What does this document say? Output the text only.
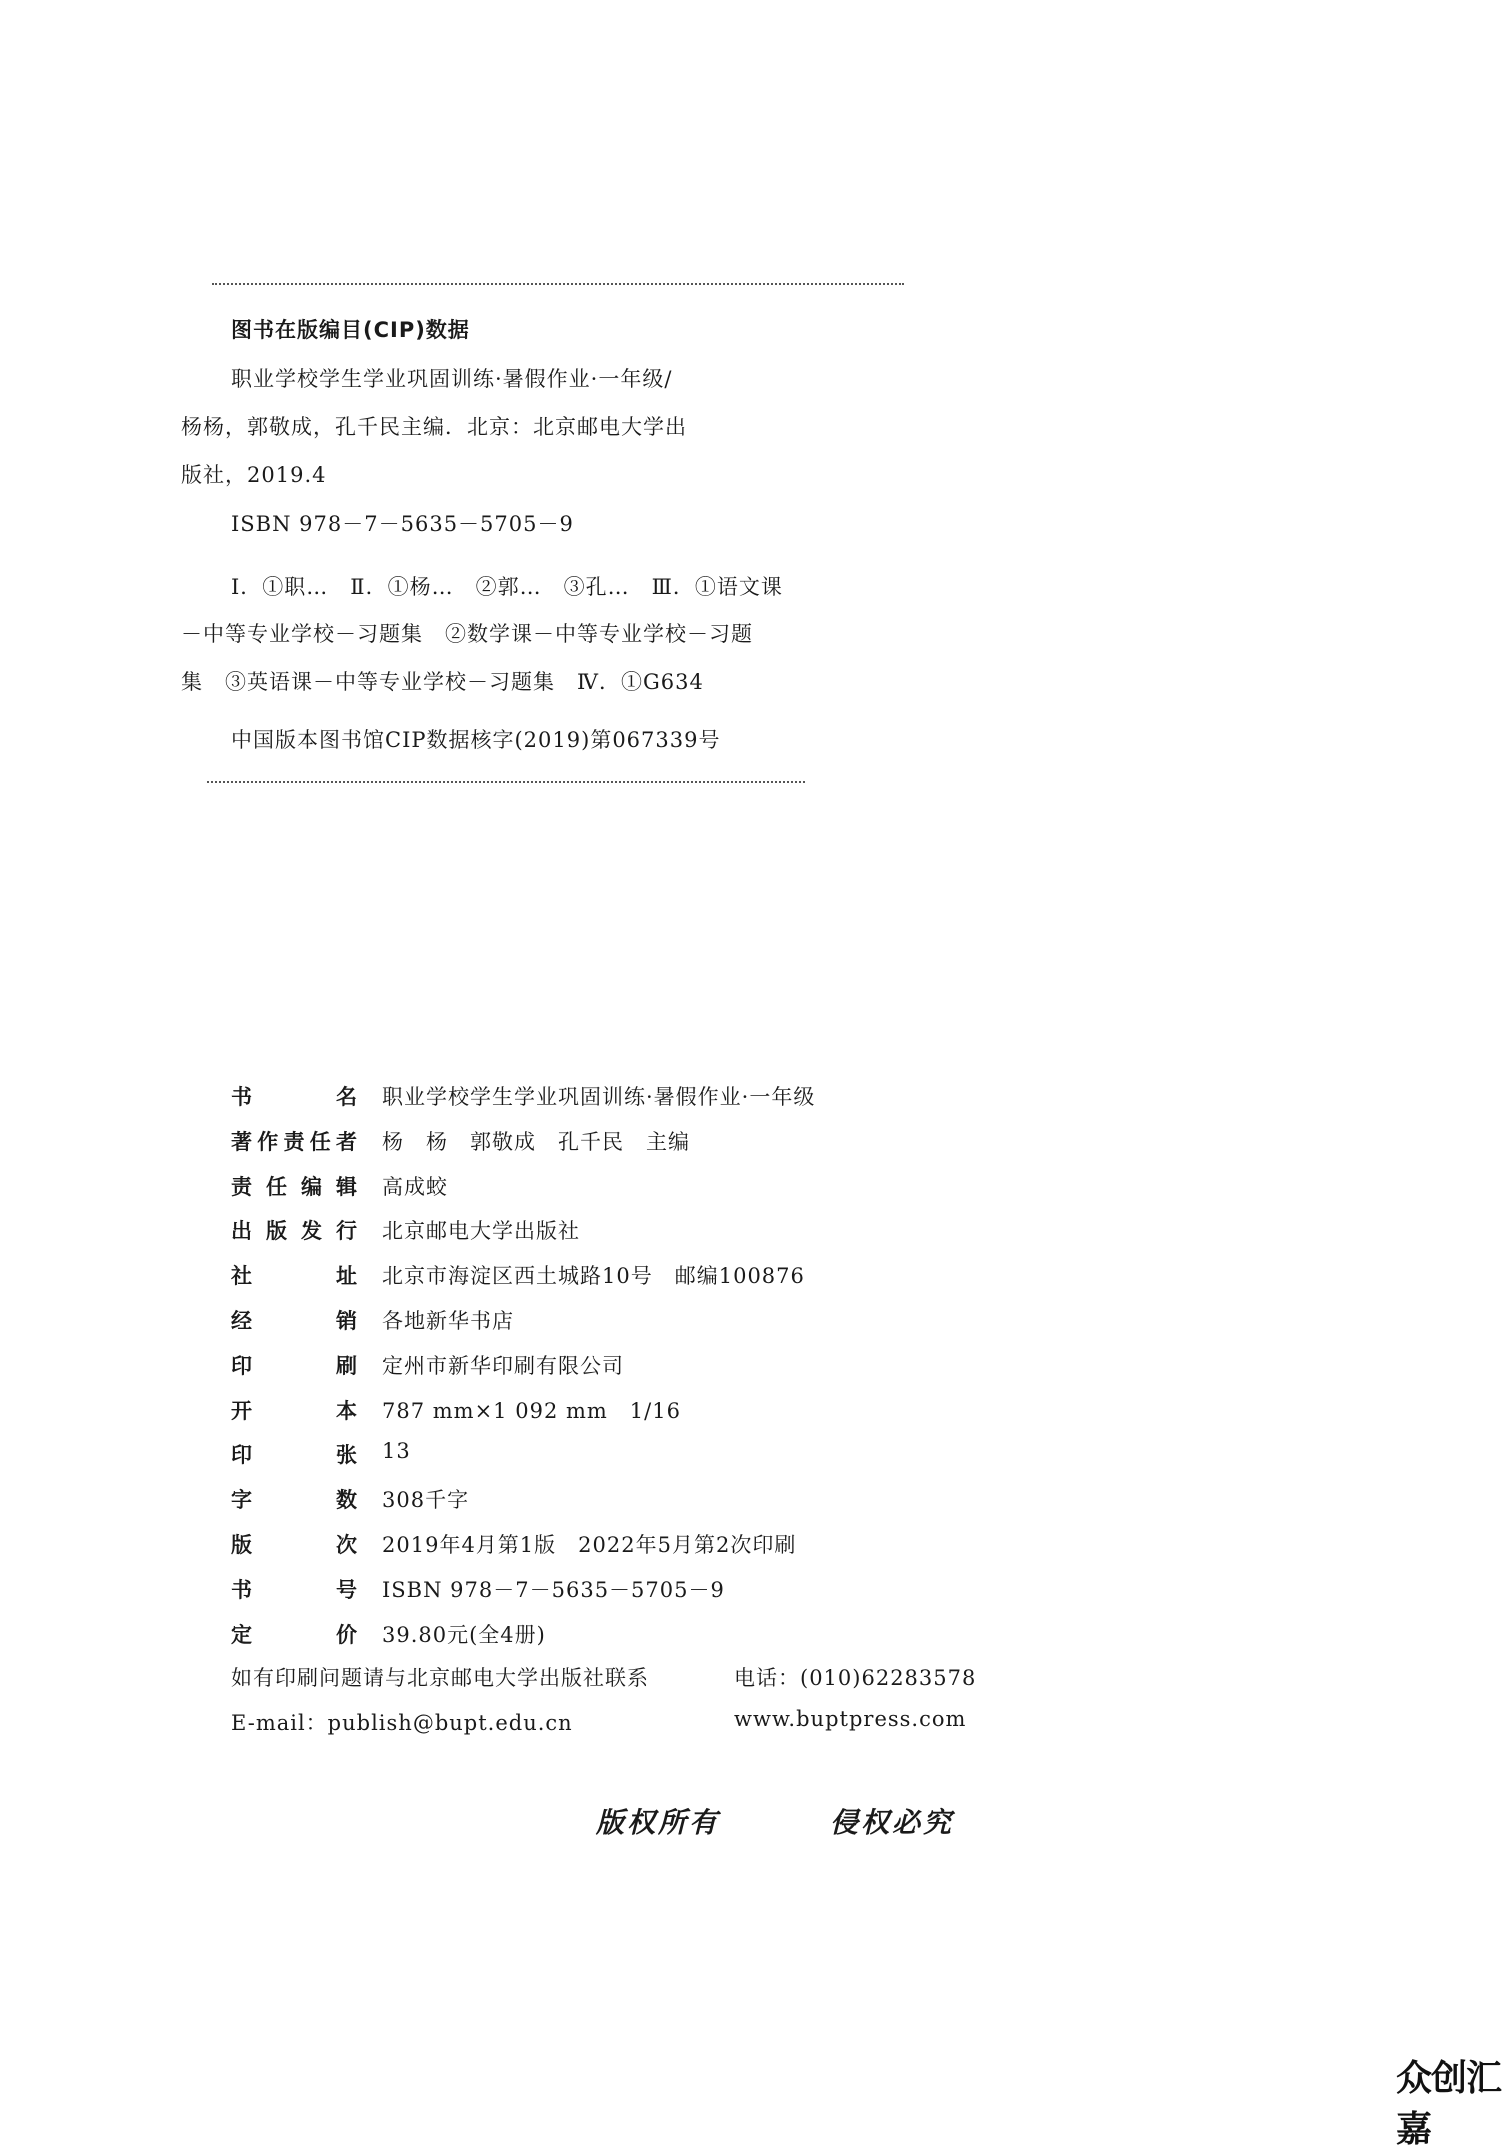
图书在版编目(CIP)数据
职业学校学生学业巩固训练·暑假作业·一年级/
杨杨，郭敬成，孔千民主编．北京：北京邮电大学出
版社，2019.4
ISBN 978－7－5635－5705－9
Ⅰ．①职…　Ⅱ．①杨…　②郭…　③孔…　Ⅲ．①语文课
－中等专业学校－习题集　②数学课－中等专业学校－习题
集　③英语课－中等专业学校－习题集　Ⅳ．①G634
中国版本图书馆CIP数据核字(2019)第067339号
书	名 职业学校学生学业巩固训练·暑假作业·一年级
著 作 责 任 者 杨　杨　郭敬成　孔千民　主编
责 任 编 辑 高成蛟
出 版 发 行 北京邮电大学出版社
社	址 北京市海淀区西土城路10号　邮编100876
经	销 各地新华书店
印	刷 定州市新华印刷有限公司
开	本 787 mm×1 092 mm　1/16
印	张 13
字	数 308千字
版	次 2019年4月第1版　2022年5月第2次印刷
书	号 ISBN 978－7－5635－5705－9
定	价 39.80元(全4册)
如有印刷问题请与北京邮电大学出版社联系	电话：(010)62283578
E-mail：publish@bupt.edu.cn	www.buptpress.com
版权所有	侵权必究
众创汇嘉
